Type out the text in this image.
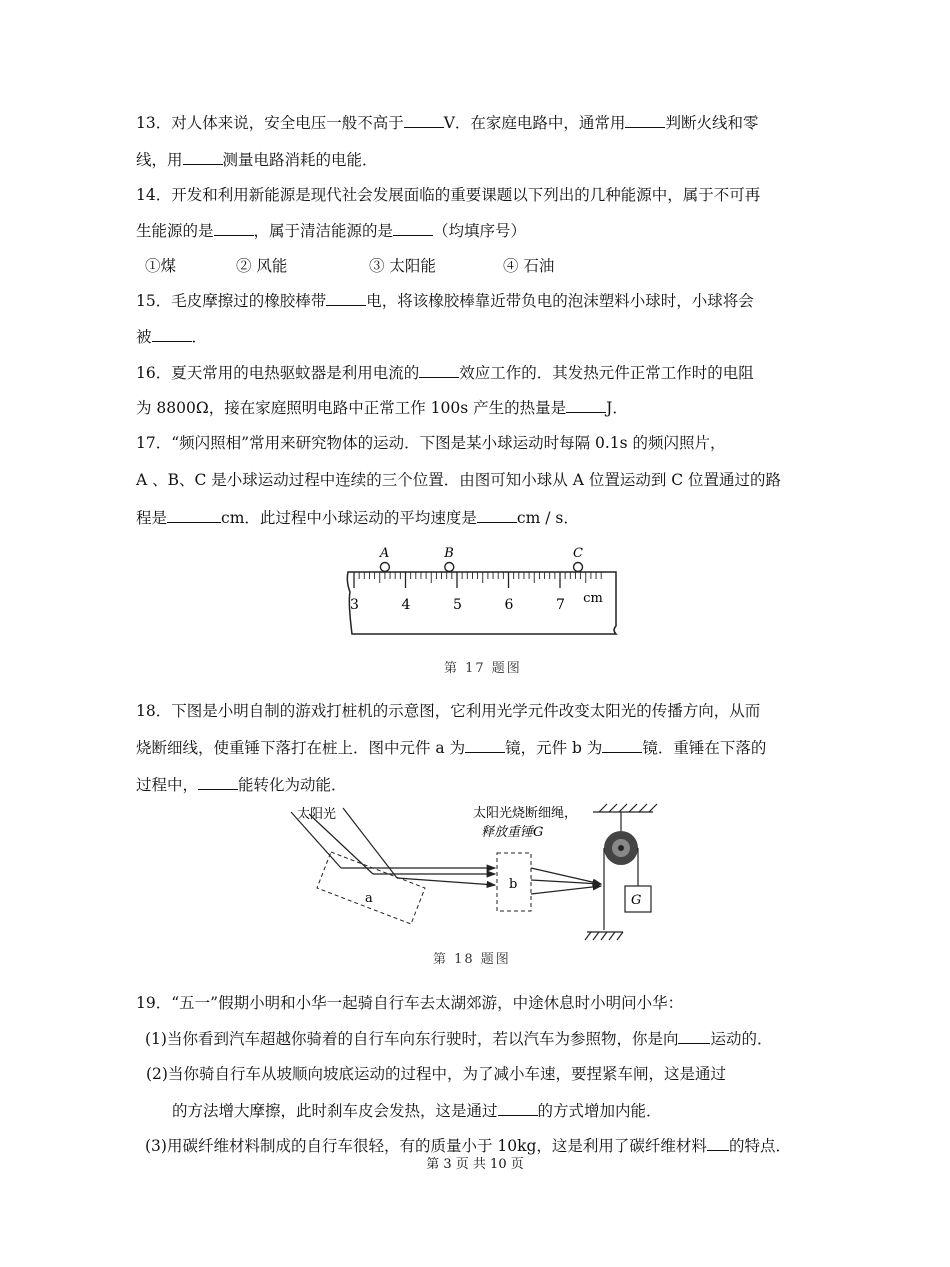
13．对人体来说，安全电压一般不高于	V．在家庭电路中，通常用	判断火线和零
线，用	测量电路消耗的电能．
14．开发和利用新能源是现代社会发展面临的重要课题以下列出的几种能源中，属于不可再
生能源的是	，属于清洁能源的是	（均填序号）
①煤	② 风能	③ 太阳能	④ 石油
15．毛皮摩擦过的橡胶棒带	电，将该橡胶棒靠近带负电的泡沫塑料小球时，小球将会
被	．
16．夏天常用的电热驱蚊器是利用电流的	效应工作的．其发热元件正常工作时的电阻
为 8800Ω，接在家庭照明电路中正常工作 100s 产生的热量是	J．
17．“频闪照相”常用来研究物体的运动．下图是某小球运动时每隔 0.1s 的频闪照片，
A 、B、C 是小球运动过程中连续的三个位置．由图可知小球从 A 位置运动到 C 位置通过的路
程是	cm．此过程中小球运动的平均速度是	cm / s．
3	4	5	6	7 cm
A	B	C
第 17 题图
18．下图是小明自制的游戏打桩机的示意图，它利用光学元件改变太阳光的传播方向，从而
烧断细线，使重锤下落打在桩上．图中元件 a 为	镜，元件 b 为	镜．重锤在下落的
过程中，	能转化为动能．
太阳光
a
b
太阳光烧断细绳，
释放重锤G
G
第 18 题图
19．“五一”假期小明和小华一起骑自行车去太湖郊游，中途休息时小明问小华：
(1)当你看到汽车超越你骑着的自行车向东行驶时，若以汽车为参照物，你是向 运动的．
(2)当你骑自行车从坡顺向坡底运动的过程中，为了减小车速，要捏紧车闸，这是通过
的方法增大摩擦，此时刹车皮会发热，这是通过	的方式增加内能．
(3)用碳纤维材料制成的自行车很轻，有的质量小于 10kg，这是利用了碳纤维材料 的特点．
第 3 页 共 10 页
